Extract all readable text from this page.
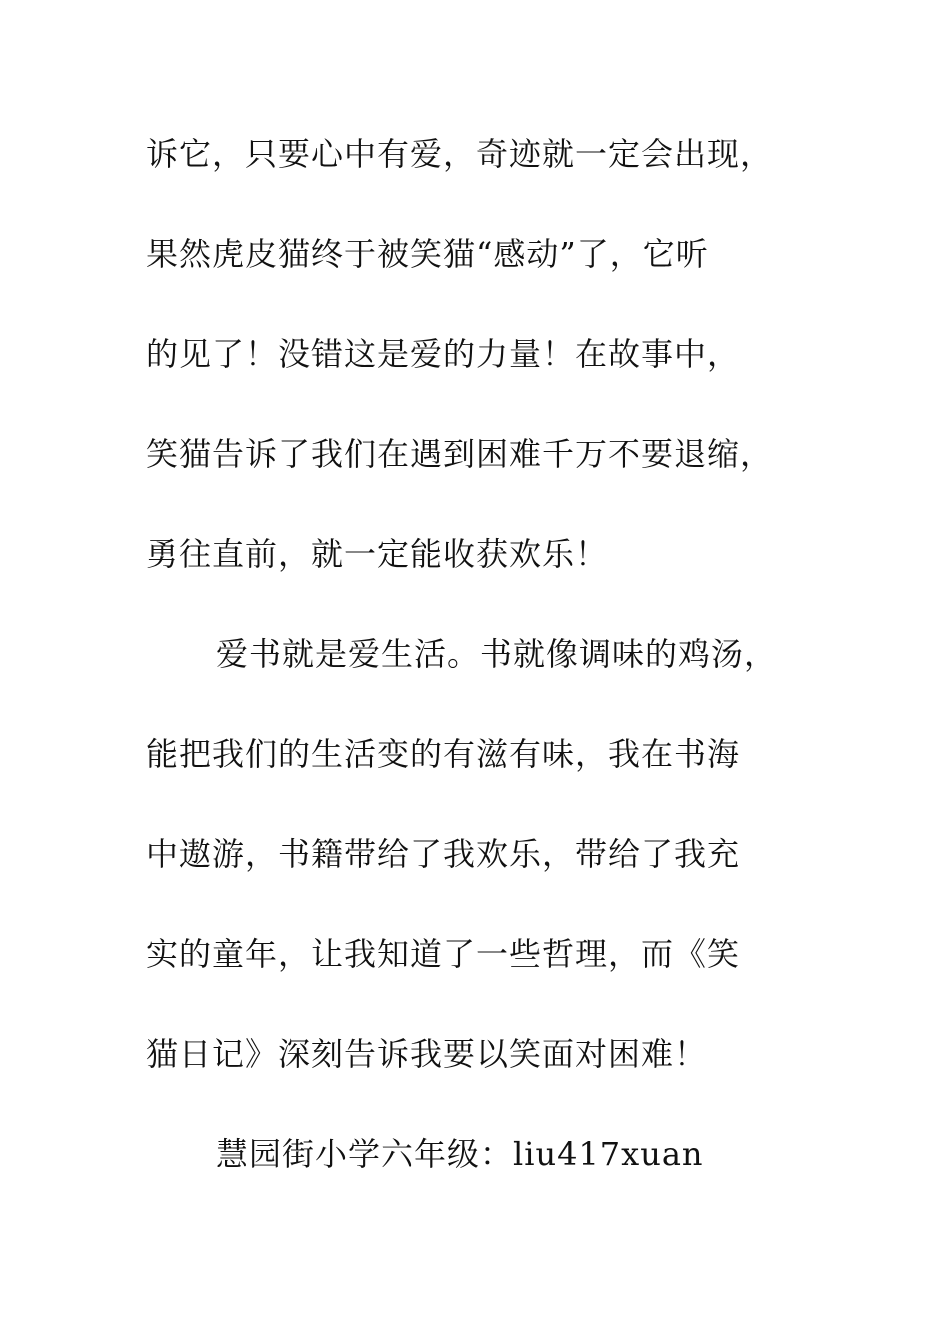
诉它，只要心中有爱，奇迹就一定会出现，
果然虎皮猫终于被笑猫“感动”了，它听
的见了！没错这是爱的力量！在故事中，
笑猫告诉了我们在遇到困难千万不要退缩，
勇往直前，就一定能收获欢乐！
爱书就是爱生活。书就像调味的鸡汤，
能把我们的生活变的有滋有味，我在书海
中遨游，书籍带给了我欢乐，带给了我充
实的童年，让我知道了一些哲理，而《笑
猫日记》深刻告诉我要以笑面对困难！
慧园街小学六年级：liu417xuan
